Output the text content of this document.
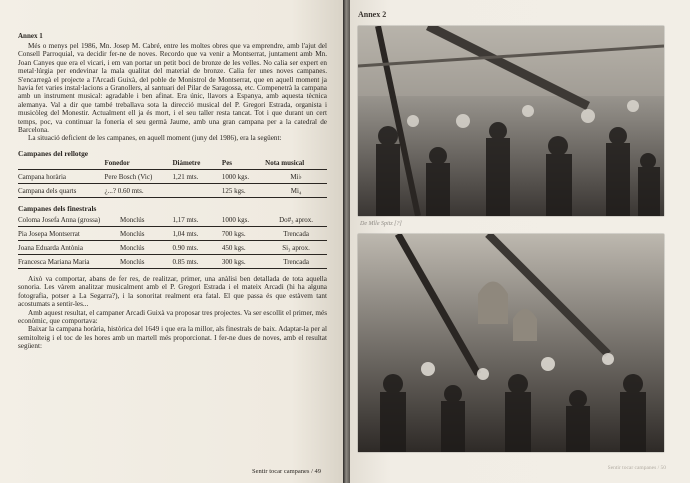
Annex 1

Més o menys pel 1986, Mn. Josep M. Cabré, entre les moltes obres que va emprendre, amb l'ajut del Consell Parroquial, va decidir fer-ne de noves. Recordo que va venir a Montserrat, juntament amb Mn. Joan Canyes que era el vicari, i em van portar un petit boci de bronze de les velles. No calia ser expert en metal·lúrgia per endevinar la mala qualitat del material de bronze. Calia fer unes noves campanes. S'encarregà el projecte a l'Arcadi Guixà, del poble de Monistrol de Montserrat, que en aquell moment ja havia fet varies instal·lacions a Granollers, al santuari del Pilar de Saragossa, etc. Compenetrà la campana amb un instrument musical: agradable i ben afinat. Era únic, llavors a Espanya, amb aquesta tècnica alemanya. Val a dir que també treballava sota la direcció musical del P. Gregori Estrada, organista i musicòleg del Monestir. Actualment ell ja és mort, i el seu taller resta tancat. Tot i que durant un cert temps, poc, va continuar la foneria el seu germà Jaume, amb una gran campana per a la catedral de Barcelona.

La situació deficient de les campanes, en aquell moment (juny del 1986), era la següent:

Campanes del rellotge
	Fonedor	Diàmetre	Pes	Nota musical
Campana horària	Pere Bosch (Vic)	1,21 mts.	1000 kgs.	Mi♭
Campana dels quarts	¿...? 0.60 mts.		125 kgs.	Mi₄
Campanes dels finestrals
Coloma Josefa Anna (grossa)	Monclús	1,17 mts.	1000 kgs.	Do#₃ aprox.
Pia Josepa Montserrat	Monclús	1,04 mts.	700 kgs.	Trencada
Joana Eduarda Antònia	Monclús	0.90 mts.	450 kgs.	Si₃ aprox.
Francesca Mariana Maria	Monclús	0.85 mts.	300 kgs.	Trencada

Això va comportar, abans de fer res, de realitzar, primer, una anàlisi ben detallada de tota aquella sonoria. Les vàrem analitzar musicalment amb el P. Gregori Estrada i el mateix Arcadi (hi ha alguna fotografia, potser a La Segarra?), i la sonoritat realment era fatal. El que passa és que estàvem tant acostumats a sentir-les...

Amb aquest resultat, el campaner Arcadi Guixà va proposar tres projectes. Va ser escollit el primer, més econòmic, que comportava:

Baixar la campana horària, històrica del 1649 i que era la millor, als finestrals de baix. Adaptar-la per al semitolteig i el toc de les hores amb un martell més proporcionat. I fer-ne dues de noves, amb el resultat següent:

Sentir tocar campanes / 49
Annex 2
De Mlle Spitz [?]
Sentir tocar campanes / 50
